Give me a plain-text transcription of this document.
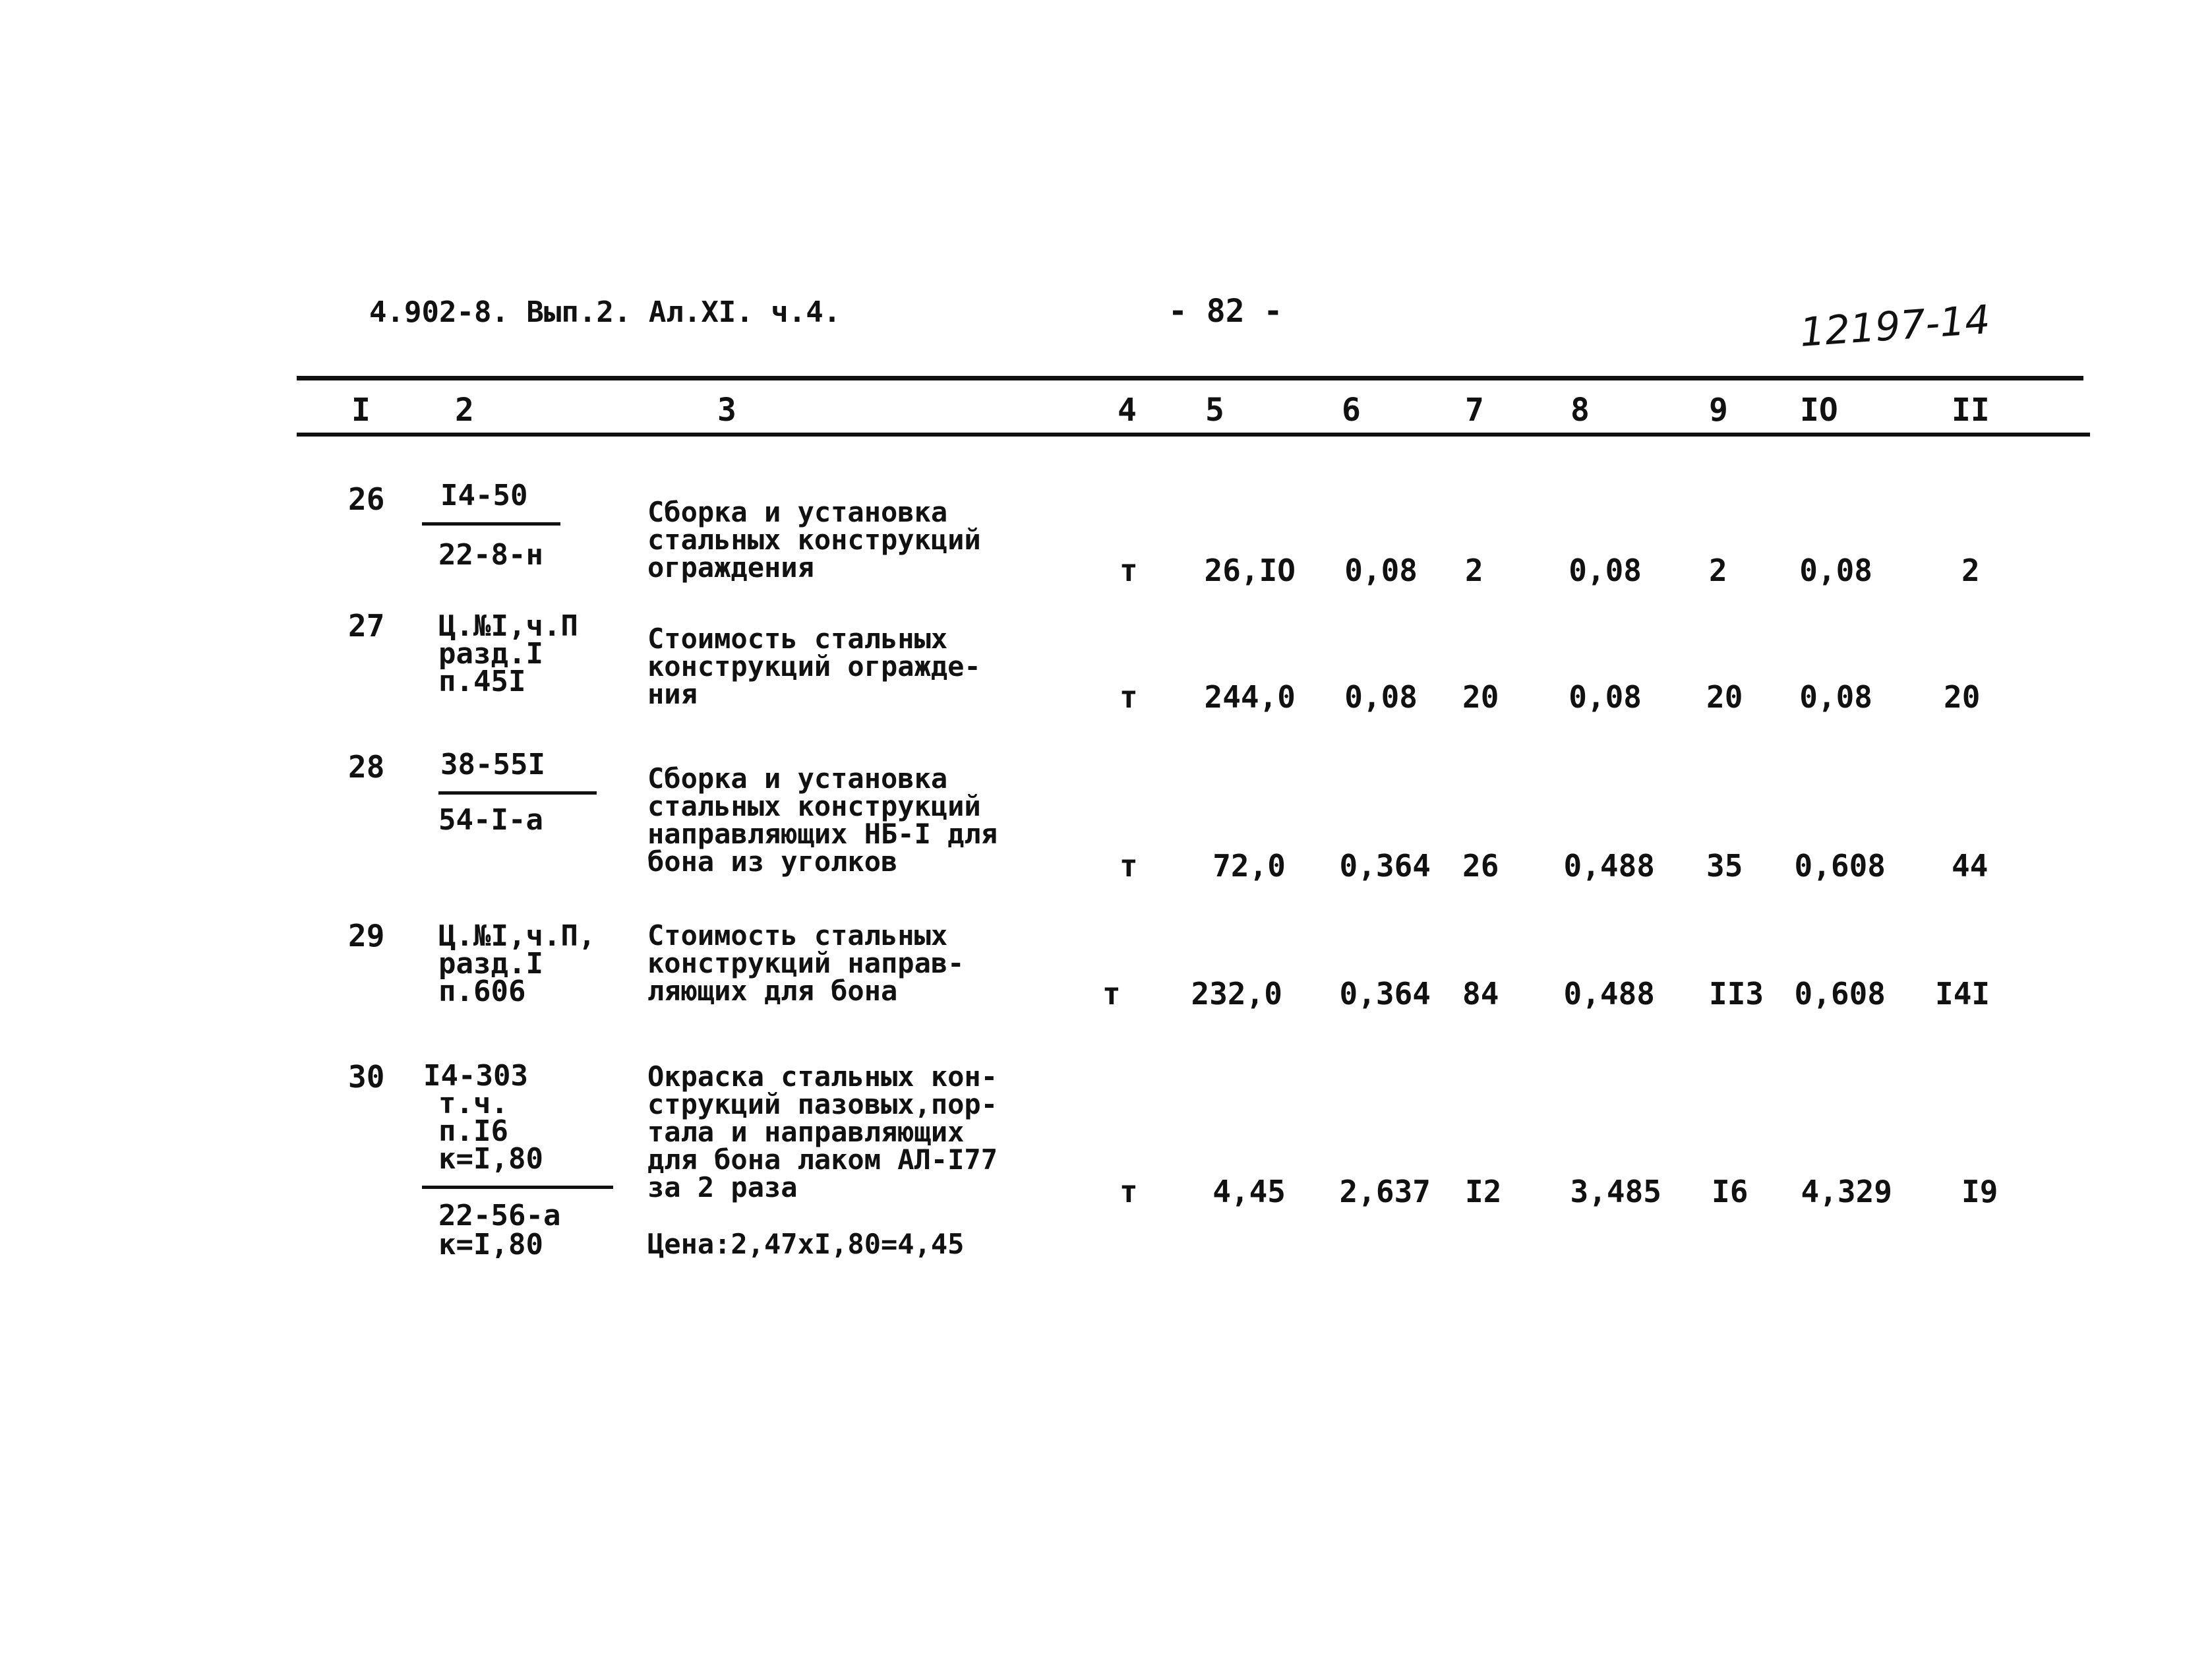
4.902-8. Вып.2. Ал.XI. ч.4.	- 82 -	12197-14
I	2	3	4 5	6	7	8	9 IO	II
26 I4-50
22-8-н
Сборка и установка
стальных конструкций
ограждения	т	26,IO	0,08 2	0,08 2	0,08	2
27 Ц.№I,ч.П
разд.I
п.45I
Стоимость стальных
конструкций огражде-
ния	т	244,0	0,08 20	0,08 20	0,08 20
28 38-55I
54-I-а
Сборка и установка
стальных конструкций
направляющих НБ-I для
бона из уголков	т	72,0 0,364 26 0,488 35 0,608 44
29 Ц.№I,ч.П,
разд.I
п.606
Стоимость стальных
конструкций направ-
ляющих для бона	т	232,0 0,364 84 0,488 II3 0,608 I4I
30 I4-303
т.ч.
п.I6
к=I,80
22-56-а
к=I,80
Окраска стальных кон-
струкций пазовых,пор-
тала и направляющих
для бона лаком АЛ-I77
за 2 раза
Цена:2,47xI,80=4,45
т	4,45 2,637 I2	3,485 I6	4,329 I9
